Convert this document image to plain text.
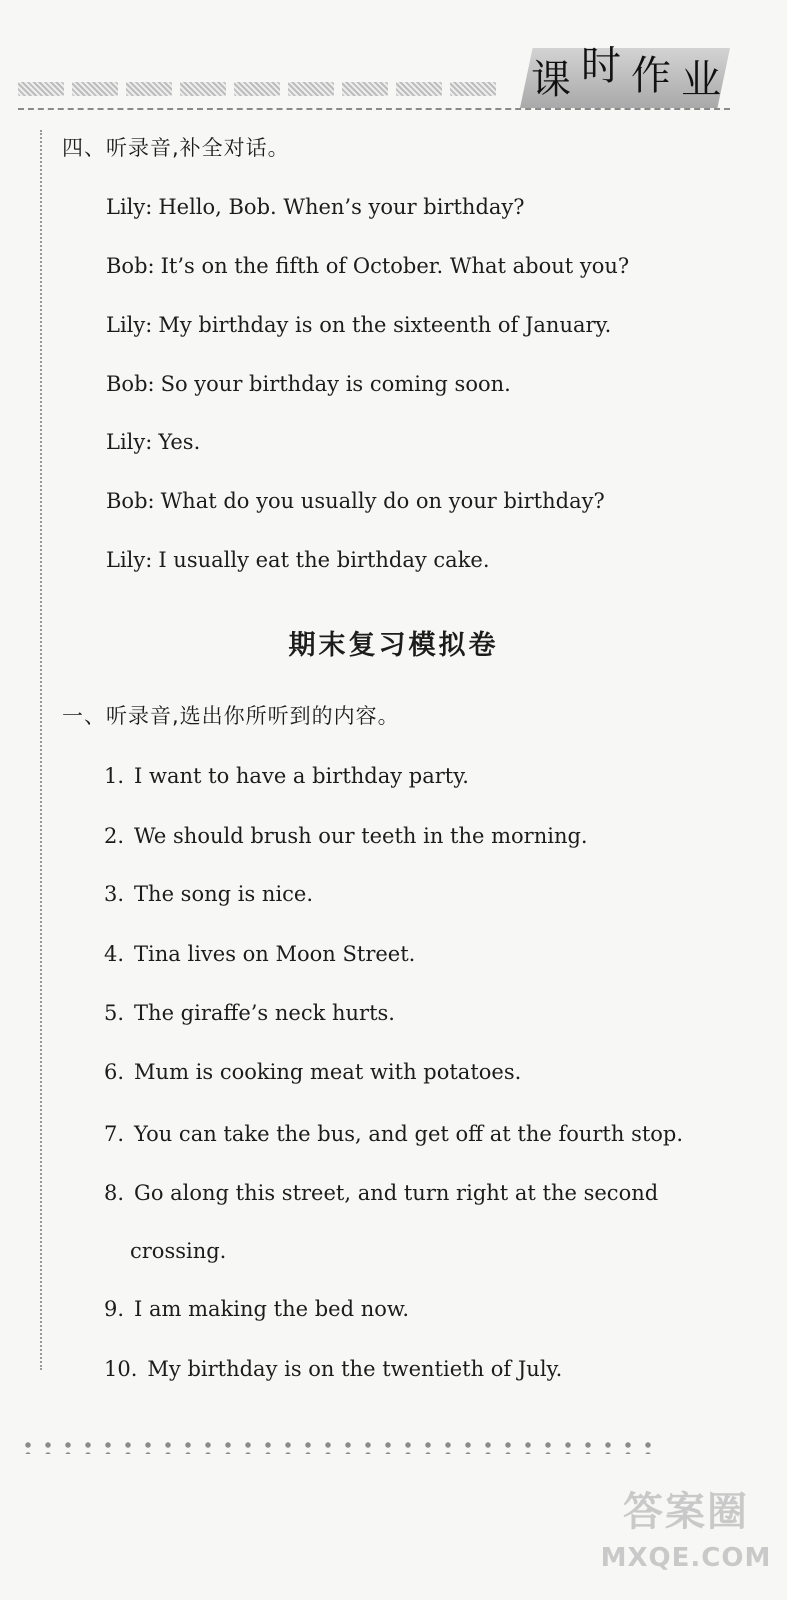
课 时 作 业
四、听录音,补全对话。
Lily: Hello, Bob. When’s your birthday?
Bob: It’s on the fifth of October. What about you?
Lily: My birthday is on the sixteenth of January.
Bob: So your birthday is coming soon.
Lily: Yes.
Bob: What do you usually do on your birthday?
Lily: I usually eat the birthday cake.
期末复习模拟卷
一、听录音,选出你所听到的内容。
1. I want to have a birthday party.
2. We should brush our teeth in the morning.
3. The song is nice.
4. Tina lives on Moon Street.
5. The giraffe’s neck hurts.
6. Mum is cooking meat with potatoes.
7. You can take the bus, and get off at the fourth stop.
8. Go along this street, and turn right at the second
crossing.
9. I am making the bed now.
10. My birthday is on the twentieth of July.
答案圈
MXQE.COM
